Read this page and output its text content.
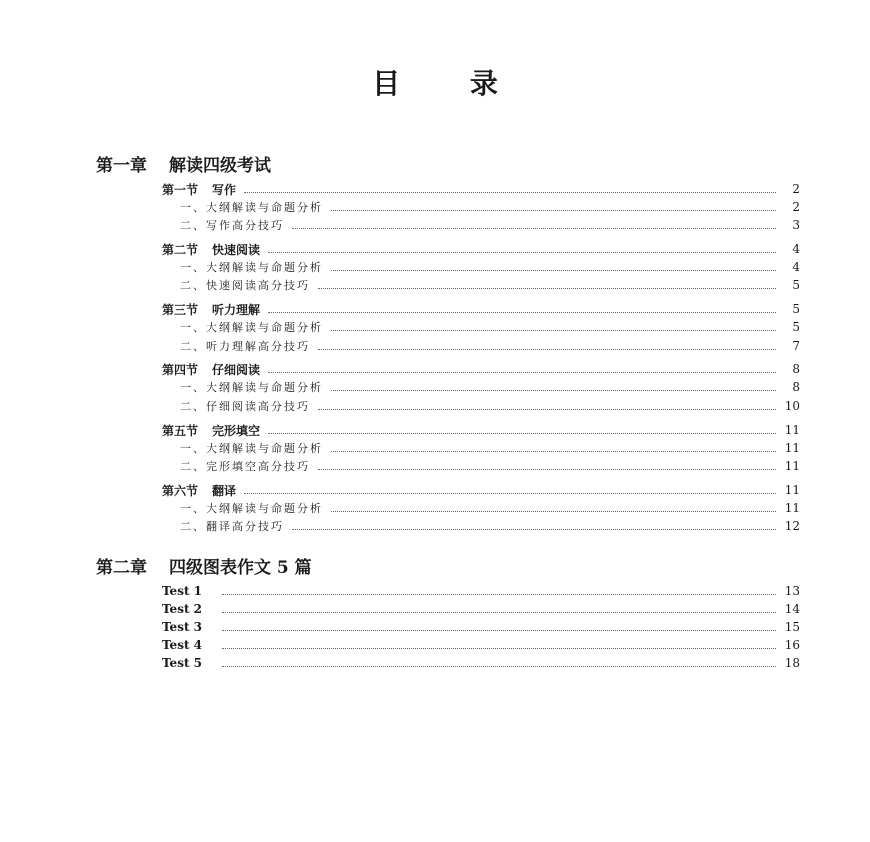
目 录
第一章 解读四级考试
第一节 写作	2
一、大纲解读与命题分析	2
二、写作高分技巧	3
第二节 快速阅读	4
一、大纲解读与命题分析	4
二、快速阅读高分技巧	5
第三节 听力理解	5
一、大纲解读与命题分析	5
二、听力理解高分技巧	7
第四节 仔细阅读	8
一、大纲解读与命题分析	8
二、仔细阅读高分技巧	10
第五节 完形填空	11
一、大纲解读与命题分析	11
二、完形填空高分技巧	11
第六节 翻译	11
一、大纲解读与命题分析	11
二、翻译高分技巧	12
第二章 四级图表作文 5 篇
Test 1	13
Test 2	14
Test 3	15
Test 4	16
Test 5	18
